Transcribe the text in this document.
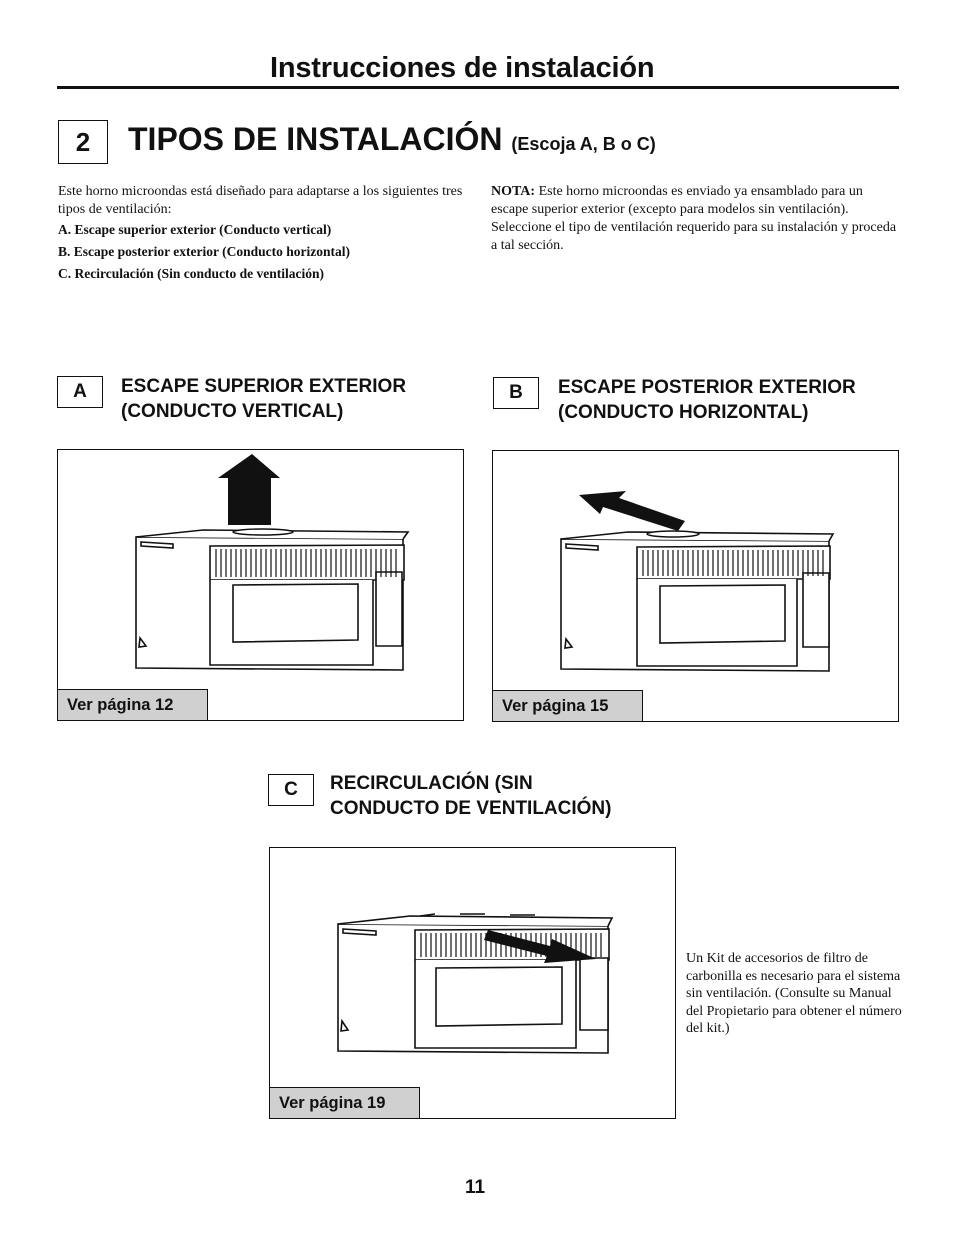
Instrucciones de instalación
2	TIPOS DE INSTALACIÓN (Escoja A, B o C)
Este horno microondas está diseñado para adaptarse a los siguientes tres tipos de ventilación:
A. Escape superior exterior (Conducto vertical)
B. Escape posterior exterior (Conducto horizontal)
C. Recirculación (Sin conducto de ventilación)
NOTA: Este horno microondas es enviado ya ensamblado para un escape superior exterior (excepto para modelos sin ventilación). Seleccione el tipo de ventilación requerido para su instalación y proceda a tal sección.
A	ESCAPE SUPERIOR EXTERIOR
(CONDUCTO VERTICAL)
Ver página 12
B	ESCAPE POSTERIOR EXTERIOR
(CONDUCTO HORIZONTAL)
Ver página 15
C	RECIRCULACIÓN (SIN
CONDUCTO DE VENTILACIÓN)
Ver página 19
Un Kit de accesorios de filtro de carbonilla es necesario para el sistema sin ventilación. (Consulte su Manual del Propietario para obtener el número del kit.)
11
